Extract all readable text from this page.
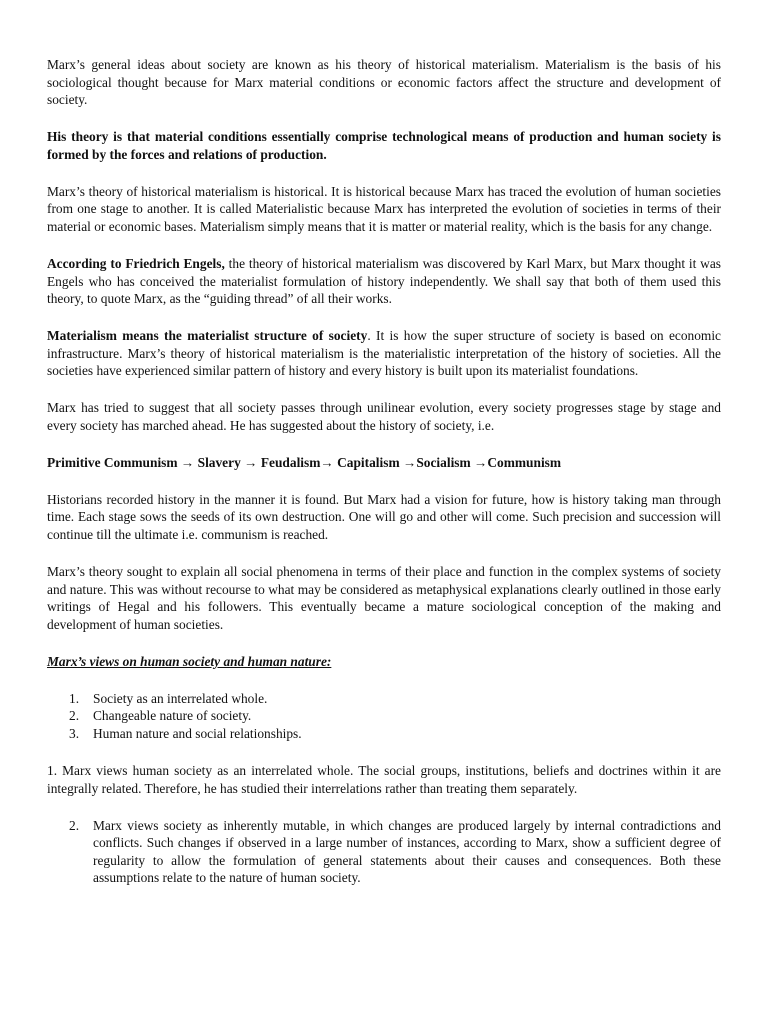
Marx’s general ideas about society are known as his theory of historical materialism. Materialism is the basis of his sociological thought because for Marx material conditions or economic factors affect the structure and development of society.

His theory is that material conditions essentially comprise technological means of production and human society is formed by the forces and relations of production.

Marx’s theory of historical materialism is historical. It is historical because Marx has traced the evolution of human societies from one stage to another. It is called Materialistic because Marx has interpreted the evolution of societies in terms of their material or economic bases. Materialism simply means that it is matter or material reality, which is the basis for any change.

According to Friedrich Engels, the theory of historical materialism was discovered by Karl Marx, but Marx thought it was Engels who has conceived the materialist formulation of history independently. We shall say that both of them used this theory, to quote Marx, as the “guiding thread” of all their works.

Materialism means the materialist structure of society. It is how the super structure of society is based on economic infrastructure. Marx’s theory of historical materialism is the materialistic interpretation of the history of societies. All the societies have experienced similar pattern of history and every history is built upon its materialist foundations.

Marx has tried to suggest that all society passes through unilinear evolution, every society progresses stage by stage and every society has marched ahead. He has suggested about the history of society, i.e.

Primitive Communism → Slavery → Feudalism→ Capitalism →Socialism →Communism

Historians recorded history in the manner it is found. But Marx had a vision for future, how is history taking man through time. Each stage sows the seeds of its own destruction. One will go and other will come. Such precision and succession will continue till the ultimate i.e. communism is reached.

Marx’s theory sought to explain all social phenomena in terms of their place and function in the complex systems of society and nature. This was without recourse to what may be considered as metaphysical explanations clearly outlined in those early writings of Hegal and his followers. This eventually became a mature sociological conception of the making and development of human societies.

Marx’s views on human society and human nature:

1.	Society as an interrelated whole.
2.	Changeable nature of society.
3.	Human nature and social relationships.

1. Marx views human society as an interrelated whole. The social groups, institutions, beliefs and doctrines within it are integrally related. Therefore, he has studied their interrelations rather than treating them separately.

2. Marx views society as inherently mutable, in which changes are produced largely by internal contradictions and conflicts. Such changes if observed in a large number of instances, according to Marx, show a sufficient degree of regularity to allow the formulation of general statements about their causes and consequences. Both these assumptions relate to the nature of human society.
